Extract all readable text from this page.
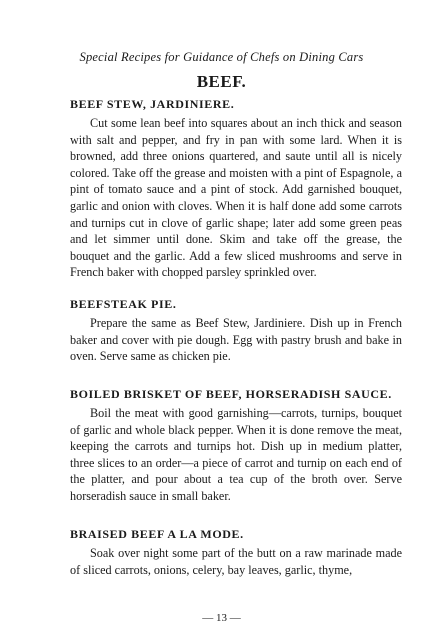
Special Recipes for Guidance of Chefs on Dining Cars
BEEF.
BEEF STEW, JARDINIERE.
Cut some lean beef into squares about an inch thick and season with salt and pepper, and fry in pan with some lard. When it is browned, add three onions quartered, and saute until all is nicely colored. Take off the grease and moisten with a pint of Espagnole, a pint of tomato sauce and a pint of stock. Add garnished bouquet, garlic and onion with cloves. When it is half done add some carrots and turnips cut in clove of garlic shape; later add some green peas and let simmer until done. Skim and take off the grease, the bouquet and the garlic. Add a few sliced mushrooms and serve in French baker with chopped parsley sprinkled over.
BEEFSTEAK PIE.
Prepare the same as Beef Stew, Jardiniere. Dish up in French baker and cover with pie dough. Egg with pastry brush and bake in oven. Serve same as chicken pie.
BOILED BRISKET OF BEEF, HORSERADISH SAUCE.
Boil the meat with good garnishing—carrots, turnips, bouquet of garlic and whole black pepper. When it is done remove the meat, keeping the carrots and turnips hot. Dish up in medium platter, three slices to an order—a piece of carrot and turnip on each end of the platter, and pour about a tea cup of the broth over. Serve horseradish sauce in small baker.
BRAISED BEEF A LA MODE.
Soak over night some part of the butt on a raw marinade made of sliced carrots, onions, celery, bay leaves, garlic, thyme,
— 13 —
